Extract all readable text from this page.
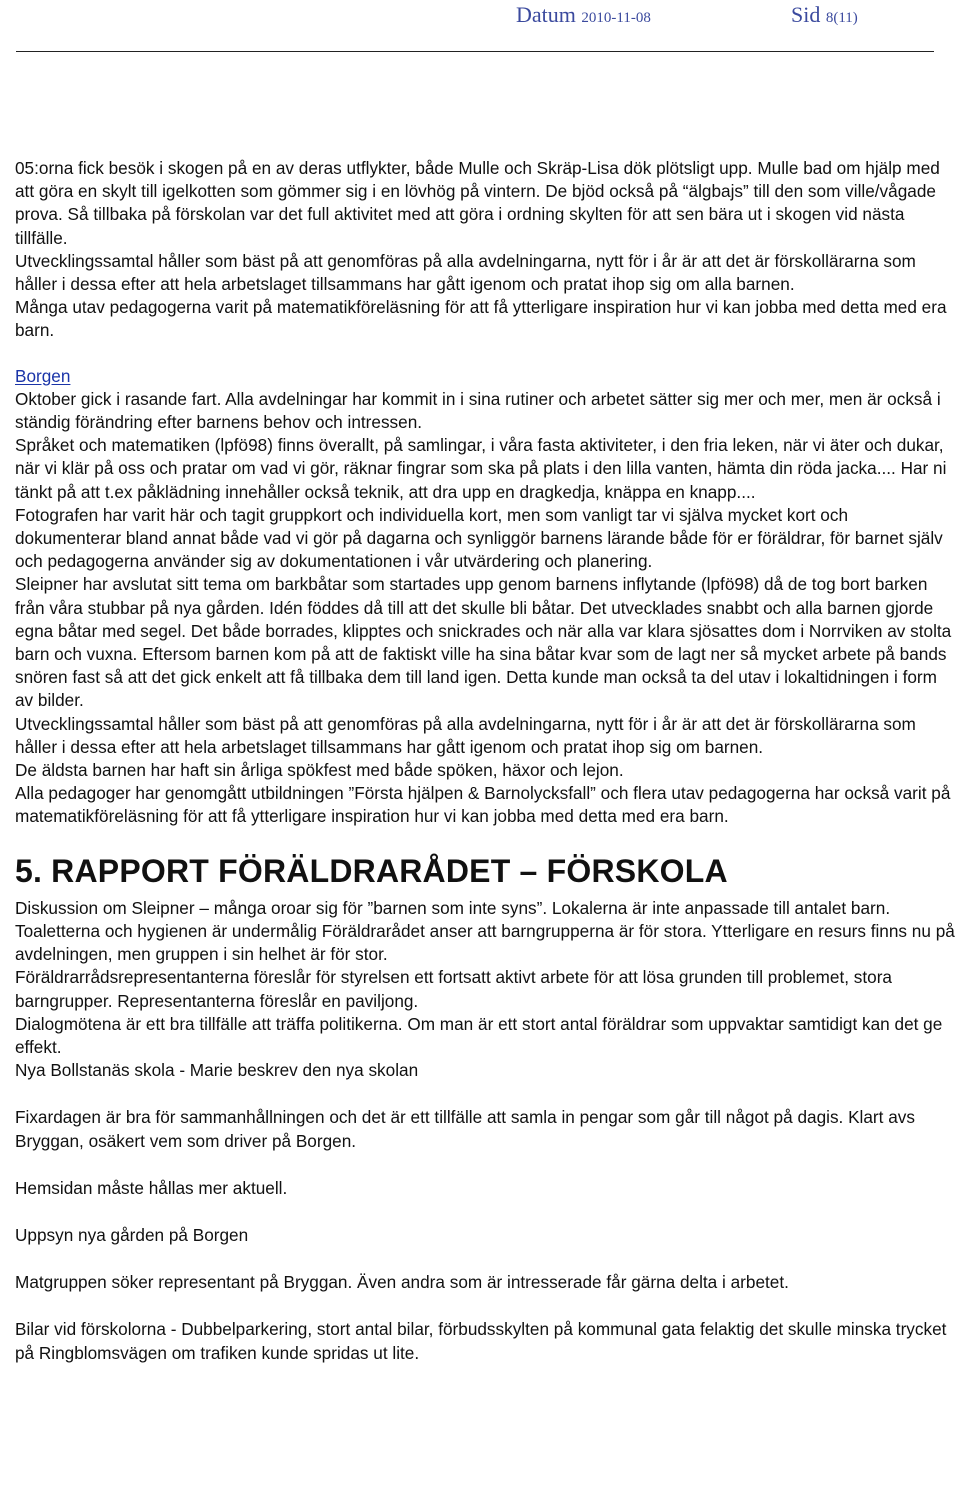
Datum 2010-11-08	Sid 8(11)

05:orna fick besök i skogen på en av deras utflykter, både Mulle och Skräp-Lisa dök plötsligt upp. Mulle bad om hjälp med att göra en skylt till igelkotten som gömmer sig i en lövhög på vintern. De bjöd också på “älgbajs” till den som ville/vågade prova. Så tillbaka på förskolan var det full aktivitet med att göra i ordning skylten för att sen bära ut i skogen vid nästa tillfälle.

Utvecklingssamtal håller som bäst på att genomföras på alla avdelningarna, nytt för i år är att det är förskollärarna som håller i dessa efter att hela arbetslaget tillsammans har gått igenom och pratat ihop sig om alla barnen.

Många utav pedagogerna varit på matematikföreläsning för att få ytterligare inspiration hur vi kan jobba med detta med era barn.

Borgen

Oktober gick i rasande fart. Alla avdelningar har kommit in i sina rutiner och arbetet sätter sig mer och mer, men är också i ständig förändring efter barnens behov och intressen.

Språket och matematiken (lpfö98) finns överallt, på samlingar, i våra fasta aktiviteter, i den fria leken, när vi äter och dukar, när vi klär på oss och pratar om vad vi gör, räknar fingrar som ska på plats i den lilla vanten, hämta din röda jacka.... Har ni tänkt på att t.ex påklädning innehåller också teknik, att dra upp en dragkedja, knäppa en knapp....

Fotografen har varit här och tagit gruppkort och individuella kort, men som vanligt tar vi själva mycket kort och dokumenterar bland annat både vad vi gör på dagarna och synliggör barnens lärande både för er föräldrar, för barnet själv och pedagogerna använder sig av dokumentationen i vår utvärdering och planering.

Sleipner har avslutat sitt tema om barkbåtar som startades upp genom barnens inflytande (lpfö98) då de tog bort barken från våra stubbar på nya gården. Idén föddes då till att det skulle bli båtar. Det utvecklades snabbt och alla barnen gjorde egna båtar med segel. Det både borrades, klipptes och snickrades och när alla var klara sjösattes dom i Norrviken av stolta barn och vuxna. Eftersom barnen kom på att de faktiskt ville ha sina båtar kvar som de lagt ner så mycket arbete på bands snören fast så att det gick enkelt att få tillbaka dem till land igen. Detta kunde man också ta del utav i lokaltidningen i form av bilder.

Utvecklingssamtal håller som bäst på att genomföras på alla avdelningarna, nytt för i år är att det är förskollärarna som håller i dessa efter att hela arbetslaget tillsammans har gått igenom och pratat ihop sig om barnen.

De äldsta barnen har haft sin årliga spökfest med både spöken, häxor och lejon.

Alla pedagoger har genomgått utbildningen ”Första hjälpen & Barnolycksfall” och flera utav pedagogerna har också varit på matematikföreläsning för att få ytterligare inspiration hur vi kan jobba med detta med era barn.

5. RAPPORT FÖRÄLDRARÅDET – FÖRSKOLA

Diskussion om Sleipner – många oroar sig för ”barnen som inte syns”. Lokalerna är inte anpassade till antalet barn. Toaletterna och hygienen är undermålig Föräldrarådet anser att barngrupperna är för stora. Ytterligare en resurs finns nu på avdelningen, men gruppen i sin helhet är för stor.

Föräldrarrådsrepresentanterna föreslår för styrelsen ett fortsatt aktivt arbete för att lösa grunden till problemet, stora barngrupper. Representanterna föreslår en paviljong.

Dialogmötena är ett bra tillfälle att träffa politikerna. Om man är ett stort antal föräldrar som uppvaktar samtidigt kan det ge effekt.

Nya Bollstanäs skola - Marie beskrev den nya skolan

Fixardagen är bra för sammanhållningen och det är ett tillfälle att samla in pengar som går till något på dagis. Klart avs Bryggan, osäkert vem som driver på Borgen.

Hemsidan måste hållas mer aktuell.

Uppsyn nya gården på Borgen

Matgruppen söker representant på Bryggan. Även andra som är intresserade får gärna delta i arbetet.

Bilar vid förskolorna - Dubbelparkering, stort antal bilar, förbudsskylten på kommunal gata felaktig det skulle minska trycket på Ringblomsvägen om trafiken kunde spridas ut lite.
